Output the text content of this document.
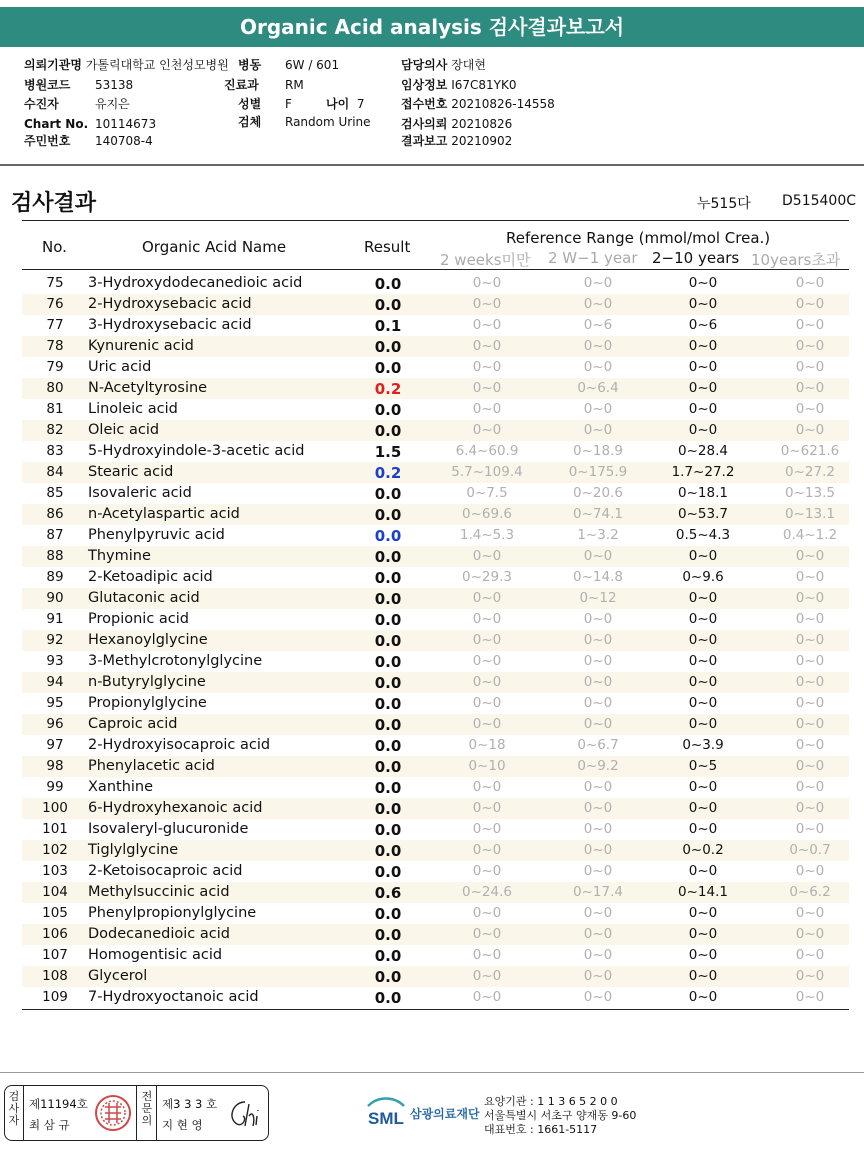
Organic Acid analysis 검사결과보고서
의뢰기관명 가톨릭대학교 인천성모병원 병동 6W / 601	담당의사 장대현
병원코드 53138	진료과 RM	임상정보 I67C81YK0
수진자	유지은	성별 F	나이 7	접수번호 20210826-14558
Chart No. 10114673	검체 Random Urine	검사의뢰 20210826
주민번호 140708-4	결과보고 20210902
검사결과	누515다 D515400C
No.	Organic Acid Name	Result	Reference Range (mmol/mol Crea.)
2 weeks미만 2 W−1 year 2−10 years 10years초과
75	3-Hydroxydodecanedioic acid	0.0	0~0	0~0	0~0	0~0
76	2-Hydroxysebacic acid	0.0	0~0	0~0	0~0	0~0
77	3-Hydroxysebacic acid	0.1	0~0	0~6	0~6	0~0
78	Kynurenic acid	0.0	0~0	0~0	0~0	0~0
79	Uric acid	0.0	0~0	0~0	0~0	0~0
80	N-Acetyltyrosine	0.2	0~0	0~6.4	0~0	0~0
81	Linoleic acid	0.0	0~0	0~0	0~0	0~0
82	Oleic acid	0.0	0~0	0~0	0~0	0~0
83	5-Hydroxyindole-3-acetic acid	1.5	6.4~60.9	0~18.9	0~28.4	0~621.6
84	Stearic acid	0.2	5.7~109.4	0~175.9	1.7~27.2	0~27.2
85	Isovaleric acid	0.0	0~7.5	0~20.6	0~18.1	0~13.5
86	n-Acetylaspartic acid	0.0	0~69.6	0~74.1	0~53.7	0~13.1
87	Phenylpyruvic acid	0.0	1.4~5.3	1~3.2	0.5~4.3	0.4~1.2
88	Thymine	0.0	0~0	0~0	0~0	0~0
89	2-Ketoadipic acid	0.0	0~29.3	0~14.8	0~9.6	0~0
90	Glutaconic acid	0.0	0~0	0~12	0~0	0~0
91	Propionic acid	0.0	0~0	0~0	0~0	0~0
92	Hexanoylglycine	0.0	0~0	0~0	0~0	0~0
93	3-Methylcrotonylglycine	0.0	0~0	0~0	0~0	0~0
94	n-Butyrylglycine	0.0	0~0	0~0	0~0	0~0
95	Propionylglycine	0.0	0~0	0~0	0~0	0~0
96	Caproic acid	0.0	0~0	0~0	0~0	0~0
97	2-Hydroxyisocaproic acid	0.0	0~18	0~6.7	0~3.9	0~0
98	Phenylacetic acid	0.0	0~10	0~9.2	0~5	0~0
99	Xanthine	0.0	0~0	0~0	0~0	0~0
100	6-Hydroxyhexanoic acid	0.0	0~0	0~0	0~0	0~0
101	Isovaleryl-glucuronide	0.0	0~0	0~0	0~0	0~0
102	Tiglylglycine	0.0	0~0	0~0	0~0.2	0~0.7
103	2-Ketoisocaproic acid	0.0	0~0	0~0	0~0	0~0
104	Methylsuccinic acid	0.6	0~24.6	0~17.4	0~14.1	0~6.2
105	Phenylpropionylglycine	0.0	0~0	0~0	0~0	0~0
106	Dodecanedioic acid	0.0	0~0	0~0	0~0	0~0
107	Homogentisic acid	0.0	0~0	0~0	0~0	0~0
108	Glycerol	0.0	0~0	0~0	0~0	0~0
109	7-Hydroxyoctanoic acid	0.0	0~0	0~0	0~0	0~0
검사자
제11194호
최 삼 규
전문의
제3 3 3 호
지 현 영	SML 삼광의료재단
요양기관 : 1 1 3 6 5 2 0 0
서울특별시 서초구 양재동 9-60
대표번호 : 1661-5117
